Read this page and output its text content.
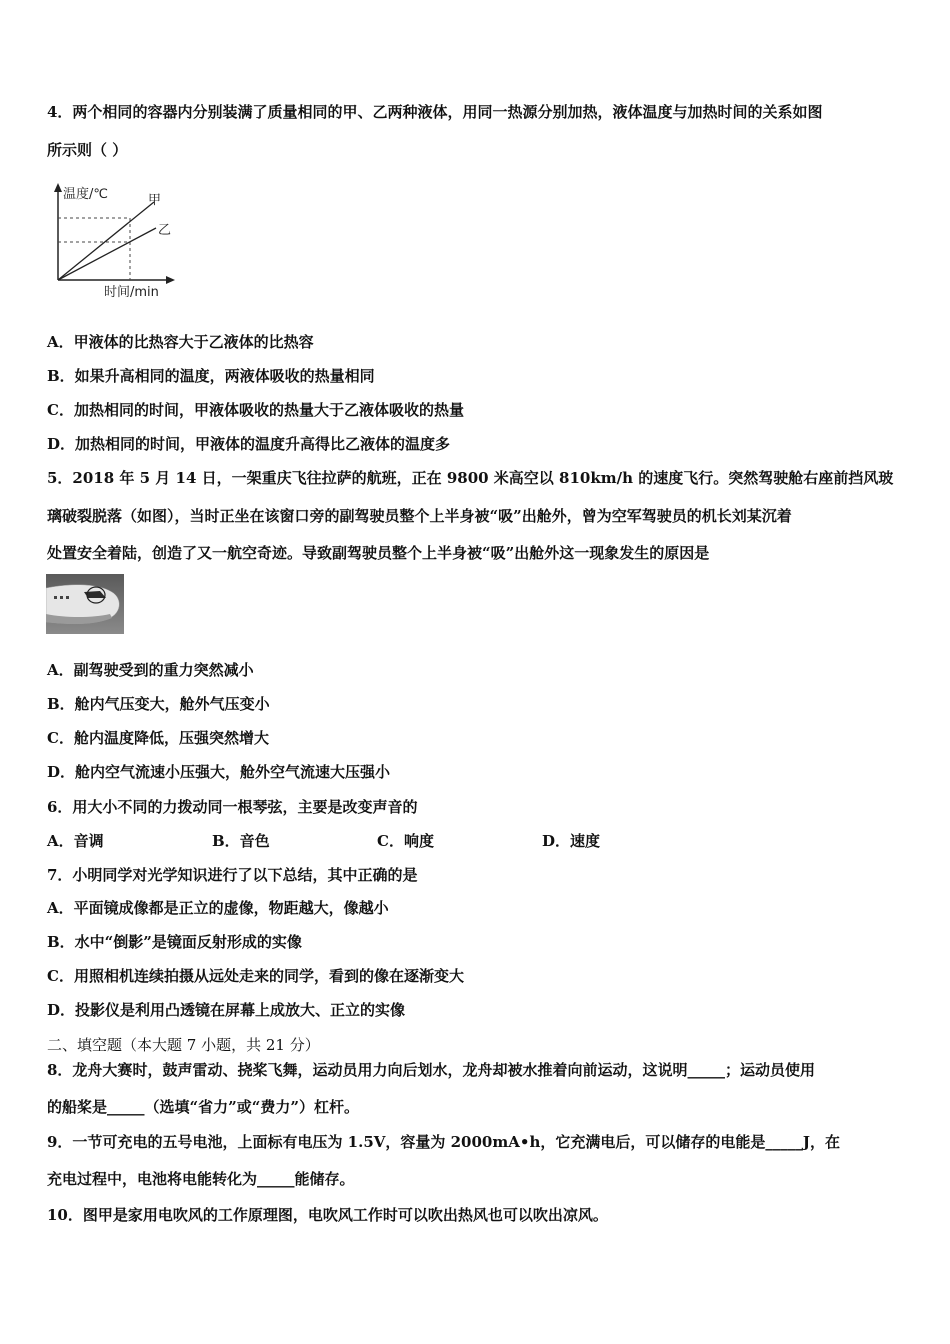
4．两个相同的容器内分别装满了质量相同的甲、乙两种液体，用同一热源分别加热，液体温度与加热时间的关系如图
所示则（ ）
温度/℃	甲
乙
时间/min
A．甲液体的比热容大于乙液体的比热容
B．如果升高相同的温度，两液体吸收的热量相同
C．加热相同的时间，甲液体吸收的热量大于乙液体吸收的热量
D．加热相同的时间，甲液体的温度升高得比乙液体的温度多
5．2018 年 5 月 14 日，一架重庆飞往拉萨的航班，正在 9800 米高空以 810km/h 的速度飞行。突然驾驶舱右座前挡风玻
璃破裂脱落（如图），当时正坐在该窗口旁的副驾驶员整个上半身被“吸”出舱外，曾为空军驾驶员的机长刘某沉着
处置安全着陆，创造了又一航空奇迹。导致副驾驶员整个上半身被“吸”出舱外这一现象发生的原因是
A．副驾驶受到的重力突然减小
B．舱内气压变大，舱外气压变小
C．舱内温度降低，压强突然增大
D．舱内空气流速小压强大，舱外空气流速大压强小
6．用大小不同的力拨动同一根琴弦，主要是改变声音的
A．音调	B．音色	C．响度	D．速度
7．小明同学对光学知识进行了以下总结，其中正确的是
A．平面镜成像都是正立的虚像，物距越大，像越小
B．水中“倒影”是镜面反射形成的实像
C．用照相机连续拍摄从远处走来的同学，看到的像在逐渐变大
D．投影仪是利用凸透镜在屏幕上成放大、正立的实像
二、填空题（本大题 7 小题，共 21 分）
8．龙舟大赛时，鼓声雷动、挠桨飞舞，运动员用力向后划水，龙舟却被水推着向前运动，这说明_____；运动员使用
的船桨是_____（选填“省力”或“费力”）杠杆。
9．一节可充电的五号电池，上面标有电压为 1.5V，容量为 2000mA•h，它充满电后，可以储存的电能是_____J，在
充电过程中，电池将电能转化为_____能储存。
10．图甲是家用电吹风的工作原理图，电吹风工作时可以吹出热风也可以吹出凉风。
